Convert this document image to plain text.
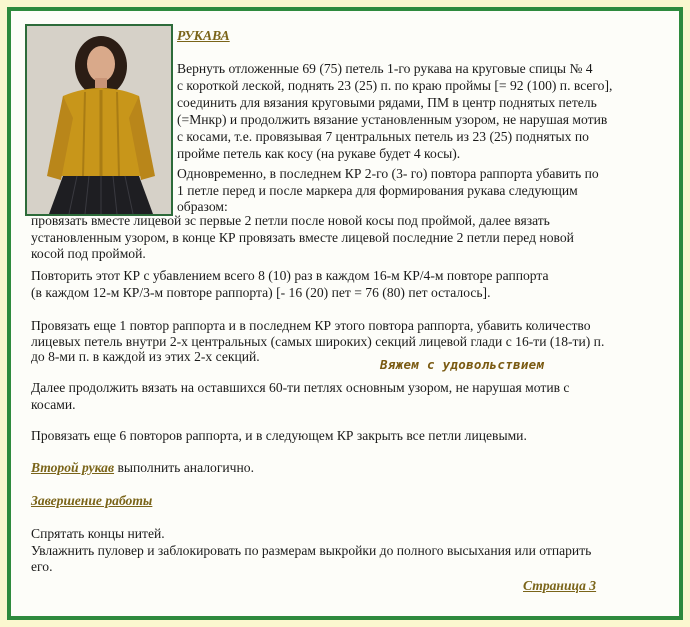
РУКАВА
Вернуть отложенные 69 (75) петель 1-го рукава на круговые спицы № 4
с короткой леской, поднять 23 (25) п. по краю проймы [= 92 (100) п. всего],
соединить для вязания круговыми рядами, ПМ в центр поднятых петель
(=Мнкр) и продолжить вязание установленным узором, не нарушая мотив
с косами, т.е. провязывая 7 центральных петель из 23 (25) поднятых по
пройме петель как косу (на рукаве будет 4 косы).
Одновременно, в последнем КР 2-го (3- го) повтора раппорта убавить по
1 петле перед и после маркера для формирования рукава следующим
образом:
провязать вместе лицевой зс первые 2 петли после новой косы под проймой, далее вязать
установленным узором, в конце КР провязать вместе лицевой последние 2 петли перед новой
косой под проймой.
Повторить этот КР с убавлением всего 8 (10) раз в каждом 16-м КР/4-м повторе раппорта
(в каждом 12-м КР/3-м повторе раппорта) [- 16 (20) пет = 76 (80) пет осталось].
Провязать еще 1 повтор раппорта и в последнем КР этого повтора раппорта, убавить количество
лицевых петель внутри 2-х центральных (самых широких) секций лицевой глади с 16-ти (18-ти) п.
до 8-ми п. в каждой из этих 2-х секций.
Вяжем с удовольствием
Далее продолжить вязать на оставшихся 60-ти петлях основным узором, не нарушая мотив с
косами.
Провязать еще 6 повторов раппорта, и в следующем КР закрыть все петли лицевыми.
Второй рукав выполнить аналогично.
Завершение работы
Спрятать концы нитей.
Увлажнить пуловер и заблокировать по размерам выкройки до полного высыхания или отпарить
его.
Страница 3
